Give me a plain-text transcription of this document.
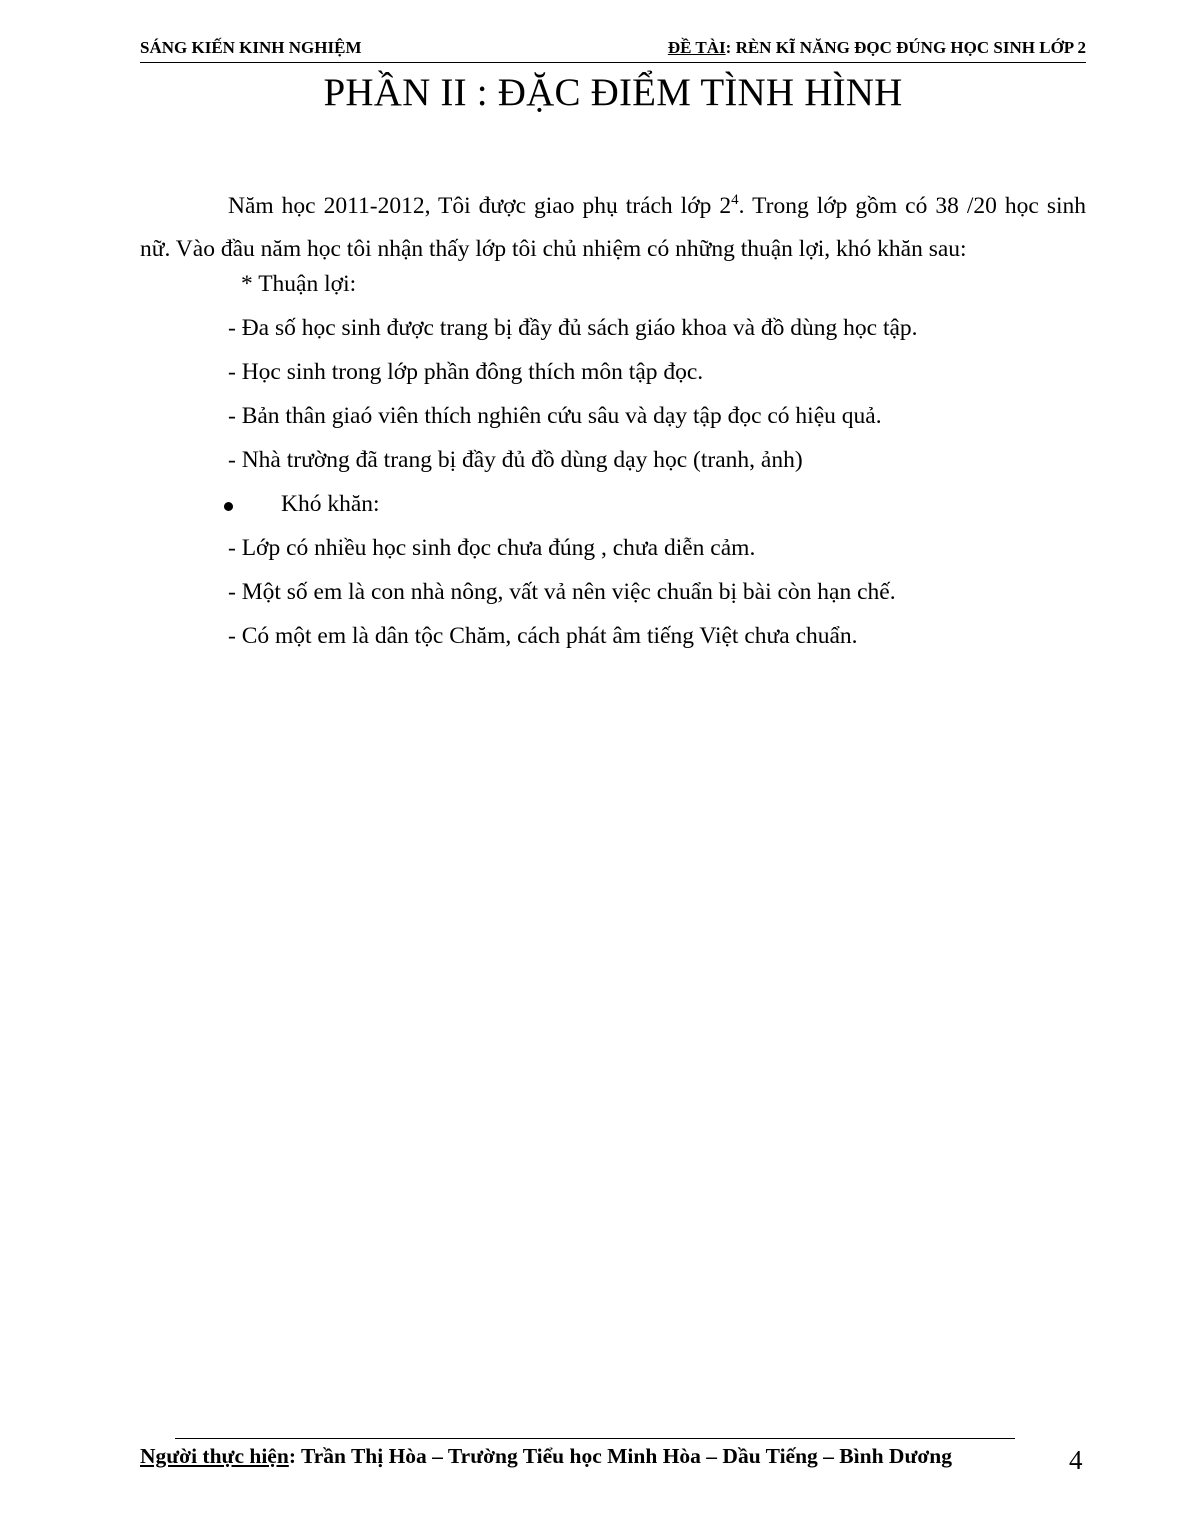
SÁNG KIẾN KINH NGHIỆM	ĐỀ TÀI: RÈN KĨ NĂNG ĐỌC ĐÚNG HỌC SINH LỚP 2
PHẦN II : ĐẶC ĐIỂM TÌNH HÌNH
Năm học 2011-2012, Tôi được giao phụ trách lớp $2^4$. Trong lớp gồm có 38 /20 học sinh nữ. Vào đầu năm học tôi nhận thấy lớp tôi chủ nhiệm có những thuận lợi, khó khăn sau:
* Thuận lợi:
- Đa số học sinh được trang bị đầy đủ sách giáo khoa và đồ dùng học tập.
- Học sinh trong lớp phần đông thích môn tập đọc.
- Bản thân giaó viên thích nghiên cứu sâu và dạy tập đọc có hiệu quả.
- Nhà trường đã trang bị đầy đủ đồ dùng dạy học (tranh, ảnh)
Khó khăn:
- Lớp có nhiều học sinh đọc chưa đúng , chưa diễn cảm.
- Một số em là con nhà nông, vất vả nên việc chuẩn bị bài còn hạn chế.
- Có một em là dân tộc Chăm, cách phát âm tiếng Việt chưa chuẩn.
Người thực hiện: Trần Thị Hòa – Trường Tiểu học Minh Hòa – Dầu Tiếng – Bình Dương	4
